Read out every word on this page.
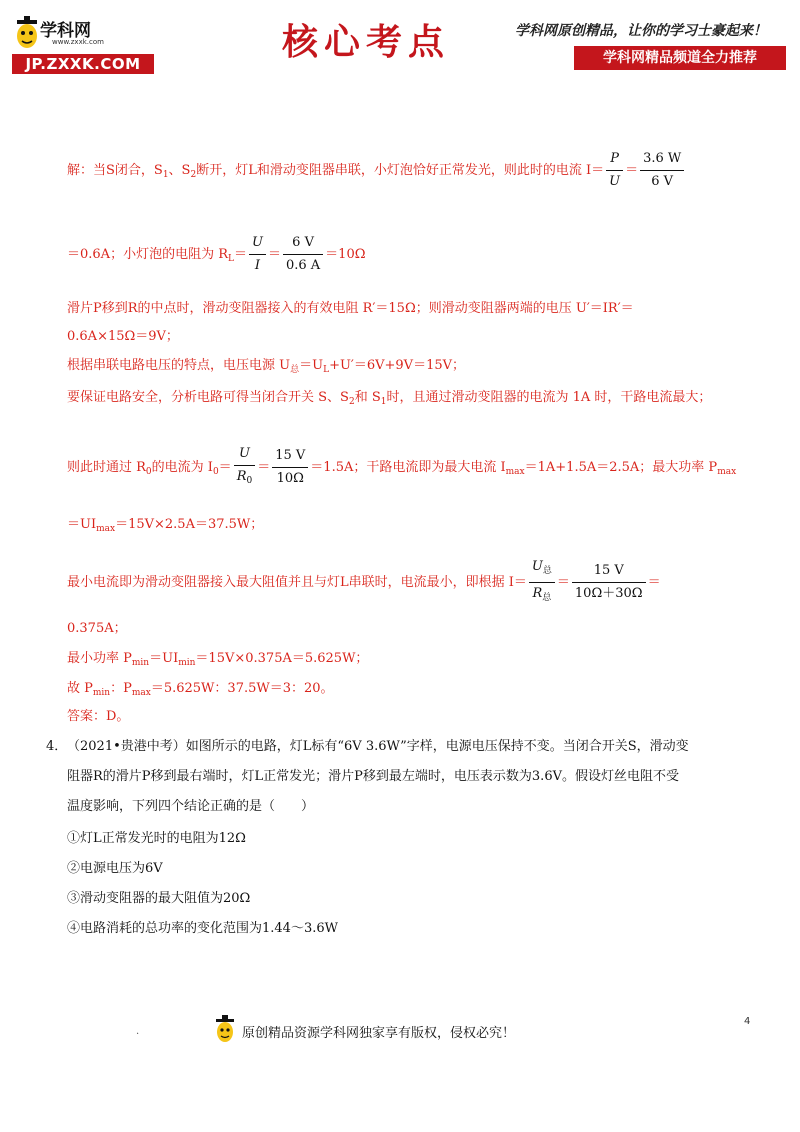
学科网
www.zxxk.com
JP.ZXXK.COM
核心考点	学科网原创精品，让你的学习士豪起来！
学科网精品频道全力推荐
解：当S闭合，$S_1$、$S_2$断开，灯L和滑动变阻器串联，小灯泡恰好正常发光，则此时的电流 $I= \frac{P}{U} = \frac{3.6 W}{6 V}$
＝0.6A；小灯泡的电阻为 $R_L= \frac{U}{I} = \frac{6 V}{0.6 A} =10\Omega$
滑片P移到R的中点时，滑动变阻器接入的有效电阻 R′＝15Ω；则滑动变阻器两端的电压 U′＝IR′＝
0.6A×15Ω＝9V；
根据串联电路电压的特点，电压电源 $U_总=U_L+U'=6V+9V=15V$；
要保证电路安全，分析电路可得当闭合开关 S、$S_2$和 $S_1$时，且通过滑动变阻器的电流为 1A 时，干路电流最大；
则此时通过 $R_0$的电流为 $I_0= \frac{U}{R_0} = \frac{15 V}{10\Omega} =1.5A$；干路电流即为最大电流 $I_{max}=1A+1.5A=2.5A$；最大功率 $P_{max}$
$=UI_{max}=15V\times 2.5A=37.5W$；
最小电流即为滑动变阻器接入最大阻值并且与灯L串联时，电流最小，即根据 $I= \frac{U_总}{R_总} = \frac{15 V}{10\Omega+30\Omega}$ ＝
0.375A；
最小功率 $P_{min}=UI_{min}=15V\times 0.375A=5.625W$；
故 $P_{min}$：$P_{max}=5.625W$：37.5W＝3：20。
答案：D。
4． （2021•贵港中考）如图所示的电路，灯L标有“6V 3.6W”字样，电源电压保持不变。当闭合开关S，滑动变
阻器R的滑片P移到最右端时，灯L正常发光；滑片P移到最左端时，电压表示数为3.6V。假设灯丝电阻不受
温度影响，下列四个结论正确的是（　　）
①灯L正常发光时的电阻为12Ω
②电源电压为6V
③滑动变阻器的最大阻值为20Ω
④电路消耗的总功率的变化范围为1.44～3.6W
.	原创精品资源学科网独家享有版权，侵权必究！
4
